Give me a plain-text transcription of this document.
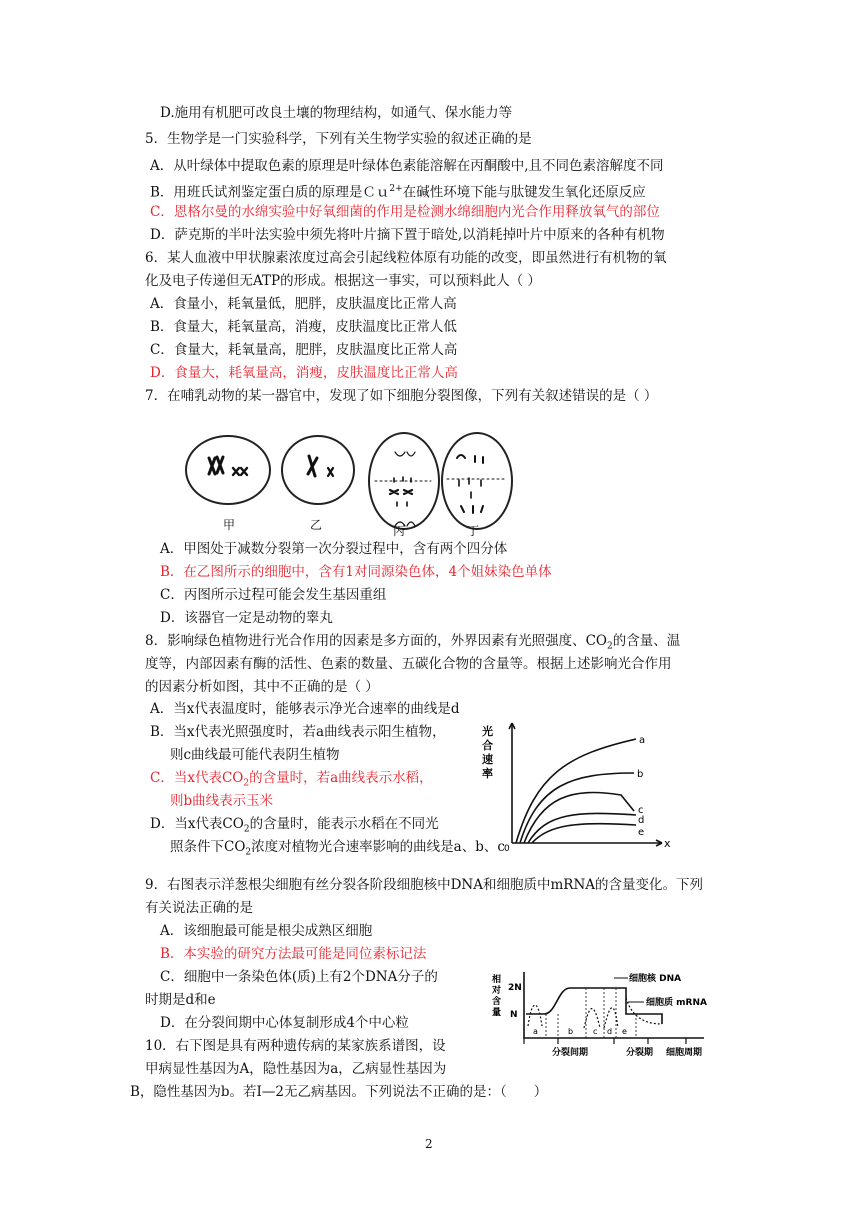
D.施用有机肥可改良土壤的物理结构，如通气、保水能力等
5．生物学是一门实验科学，下列有关生物学实验的叙述正确的是
A．从叶绿体中提取色素的原理是叶绿体色素能溶解在丙酮酸中,且不同色素溶解度不同
B．用班氏试剂鉴定蛋白质的原理是Ｃｕ$^{2+}$在碱性环境下能与肽键发生氧化还原反应
C．恩格尔曼的水绵实验中好氧细菌的作用是检测水绵细胞内光合作用释放氧气的部位
D．萨克斯的半叶法实验中须先将叶片摘下置于暗处,以消耗掉叶片中原来的各种有机物
6．某人血液中甲状腺素浓度过高会引起线粒体原有功能的改变，即虽然进行有机物的氧
化及电子传递但无ATP的形成。根据这一事实，可以预料此人（ ）
A．食量小，耗氧量低，肥胖，皮肤温度比正常人高
B．食量大，耗氧量高，消瘦，皮肤温度比正常人低
C．食量大，耗氧量高，肥胖，皮肤温度比正常人高
D．食量大，耗氧量高，消瘦，皮肤温度比正常人高
7．在哺乳动物的某一器官中，发现了如下细胞分裂图像，下列有关叙述错误的是（ ）
甲	乙	丙	丁
A．甲图处于减数分裂第一次分裂过程中，含有两个四分体
B．在乙图所示的细胞中，含有1对同源染色体，4个姐妹染色单体
C．丙图所示过程可能会发生基因重组
D．该器官一定是动物的睾丸
8．影响绿色植物进行光合作用的因素是多方面的，外界因素有光照强度、$CO_2$的含量、温
度等，内部因素有酶的活性、色素的数量、五碳化合物的含量等。根据上述影响光合作用
的因素分析如图，其中不正确的是（ ）
A．当x代表温度时，能够表示净光合速率的曲线是d
B．当x代表光照强度时，若a曲线表示阳生植物，
则c曲线最可能代表阴生植物
C．当x代表$CO_2$的含量时，若a曲线表示水稻，
则b曲线表示玉米
D．当x代表$CO_2$的含量时，能表示水稻在不同光
照条件下$CO_2$浓度对植物光合速率影响的曲线是a、b、c
光
合
速
率
a
b
c
d
e
x
0
9．右图表示洋葱根尖细胞有丝分裂各阶段细胞核中DNA和细胞质中mRNA的含量变化。下列
有关说法正确的是
A．该细胞最可能是根尖成熟区细胞
B．本实验的研究方法最可能是同位素标记法
C．细胞中一条染色体(质)上有2个DNA分子的
时期是d和e
D．在分裂间期中心体复制形成4个中心粒
10．右下图是具有两种遗传病的某家族系谱图，设
甲病显性基因为A，隐性基因为a，乙病显性基因为
B，隐性基因为b。若Ⅰ—2无乙病基因。下列说法不正确的是：（　　）
相
对
含
量
2N
N
a	b c d e
细胞核 DNA
细胞质 mRNA
分裂间期	分裂期 细胞周期
2
